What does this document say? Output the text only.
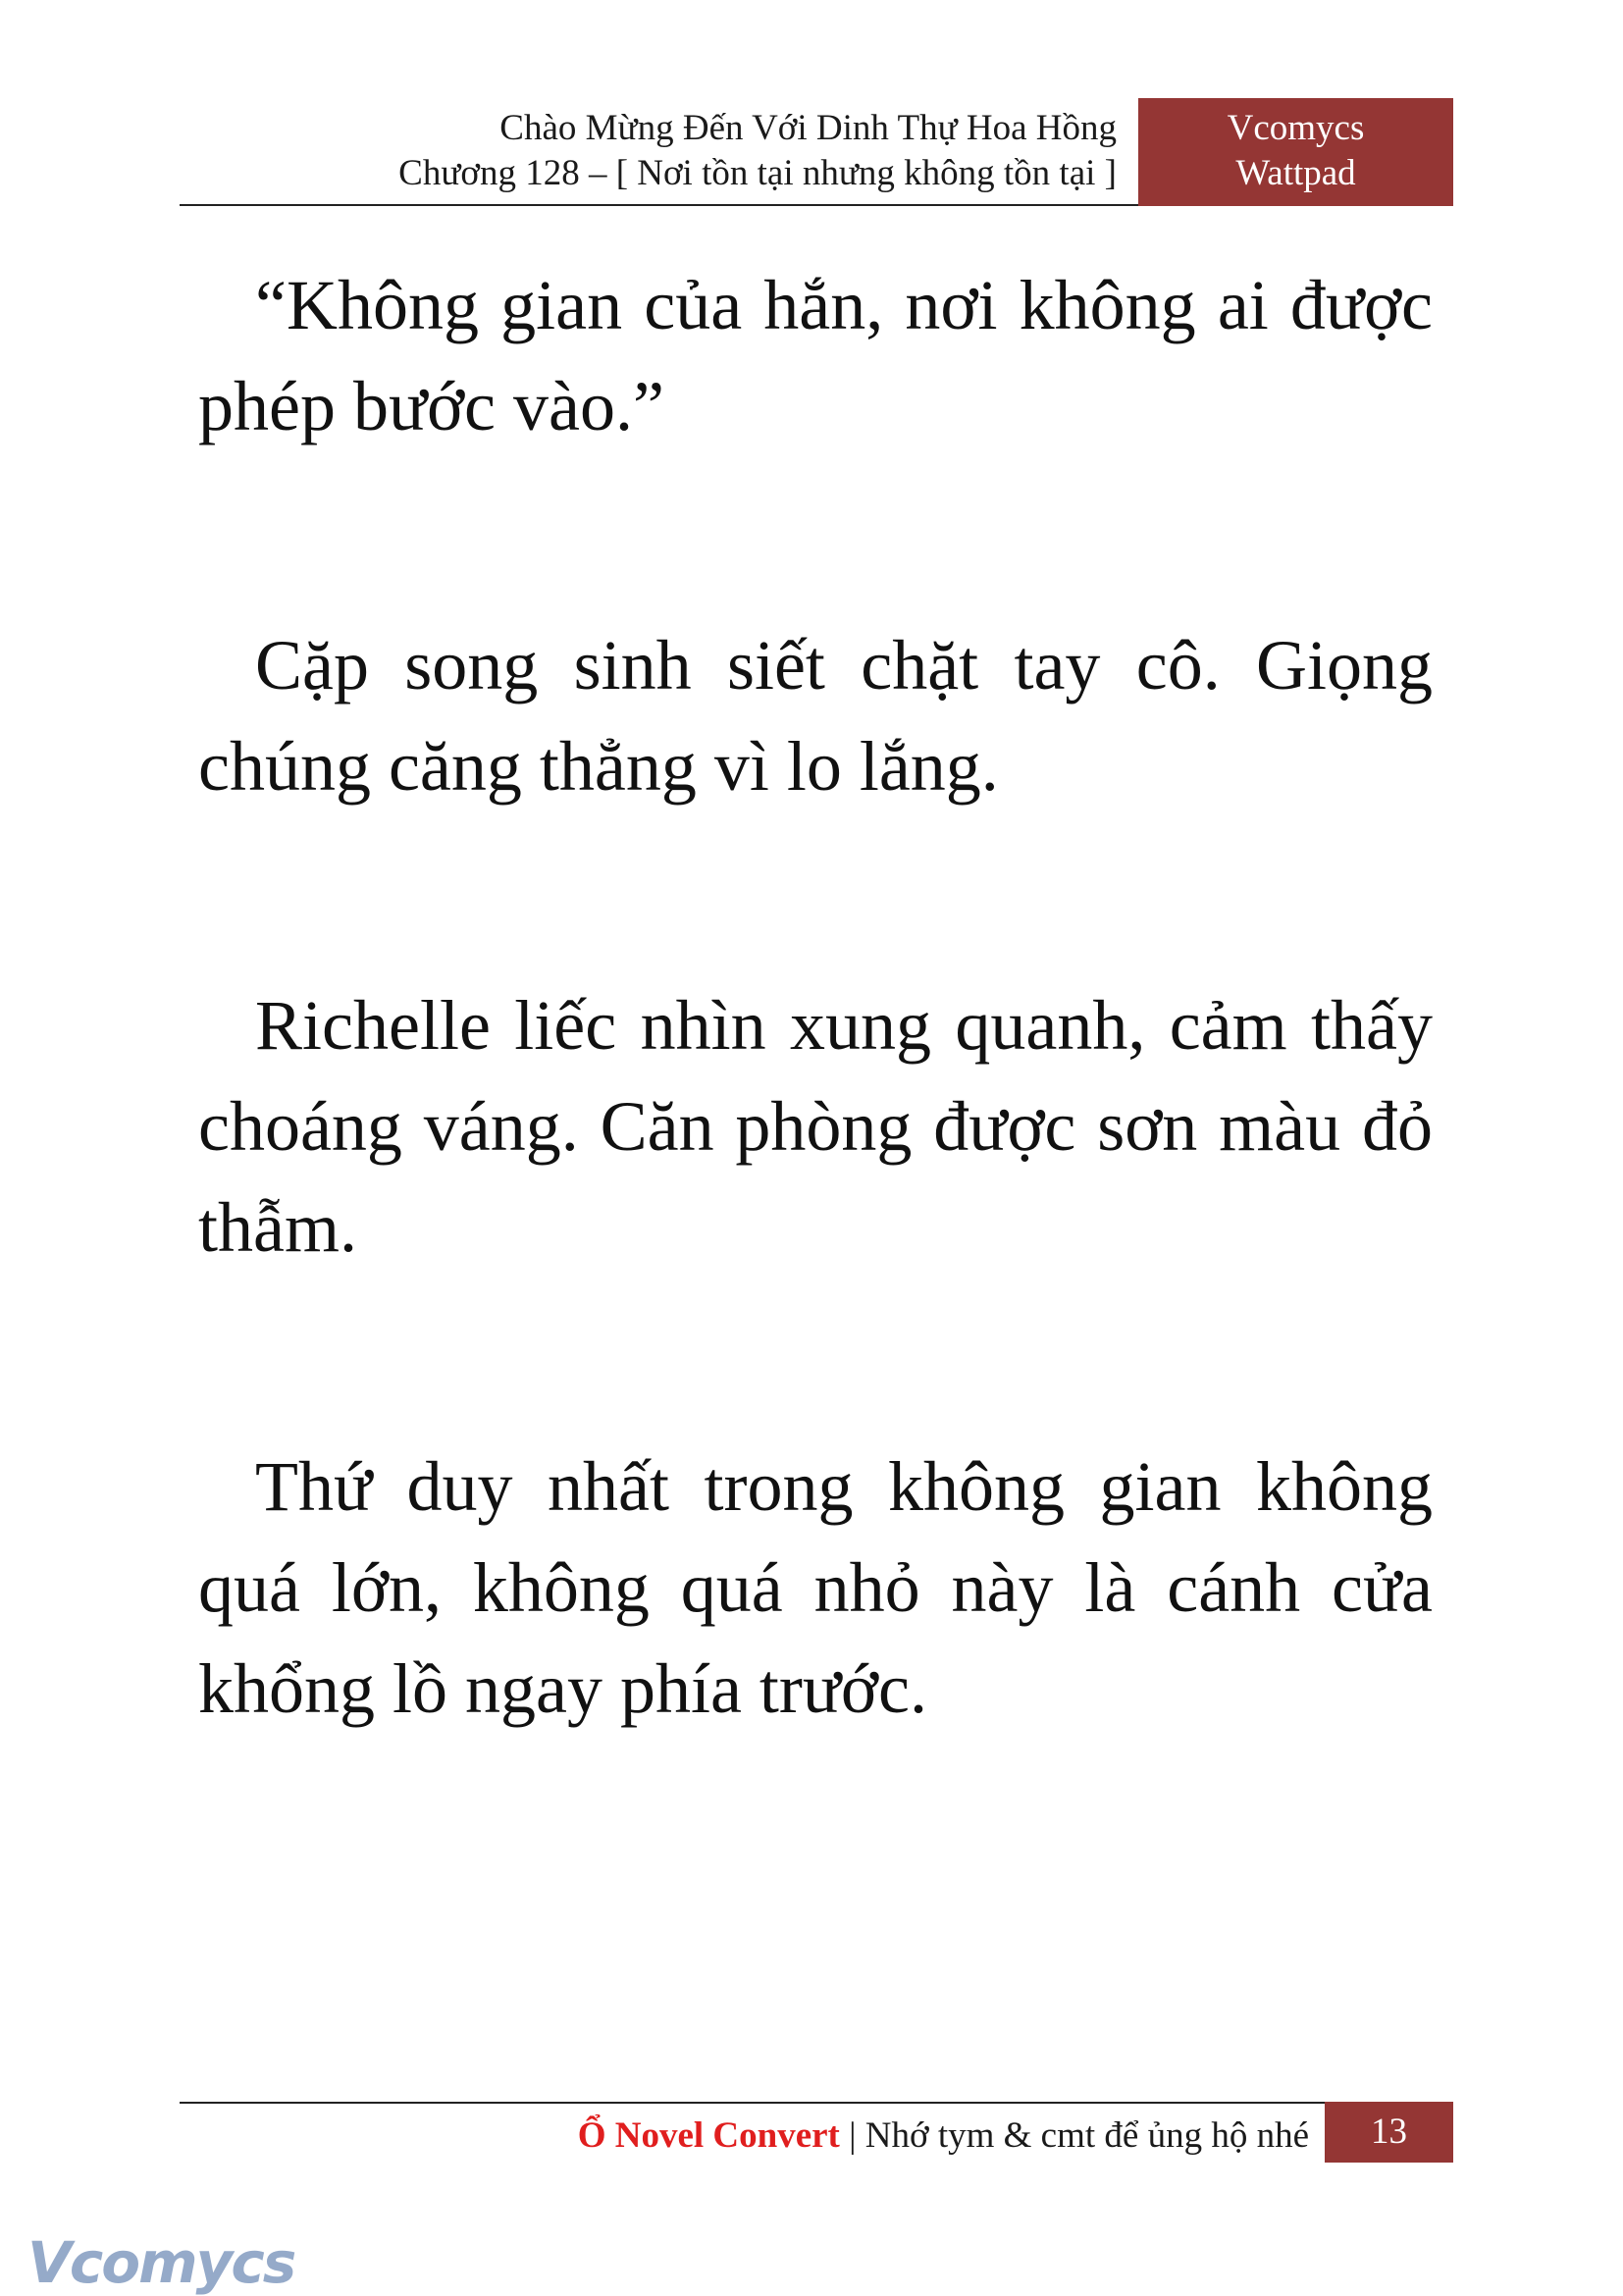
Chào Mừng Đến Với Dinh Thự Hoa Hồng
Chương 128 – [ Nơi tồn tại nhưng không tồn tại ]
Vcomycs
Wattpad

“Không gian của hắn, nơi không ai được phép bước vào.”

Cặp song sinh siết chặt tay cô. Giọng chúng căng thẳng vì lo lắng.

Richelle liếc nhìn xung quanh, cảm thấy choáng váng. Căn phòng được sơn màu đỏ thẫm.

Thứ duy nhất trong không gian không quá lớn, không quá nhỏ này là cánh cửa khổng lồ ngay phía trước.

Ổ Novel Convert | Nhớ tym & cmt để ủng hộ nhé	13
Vcomycs
